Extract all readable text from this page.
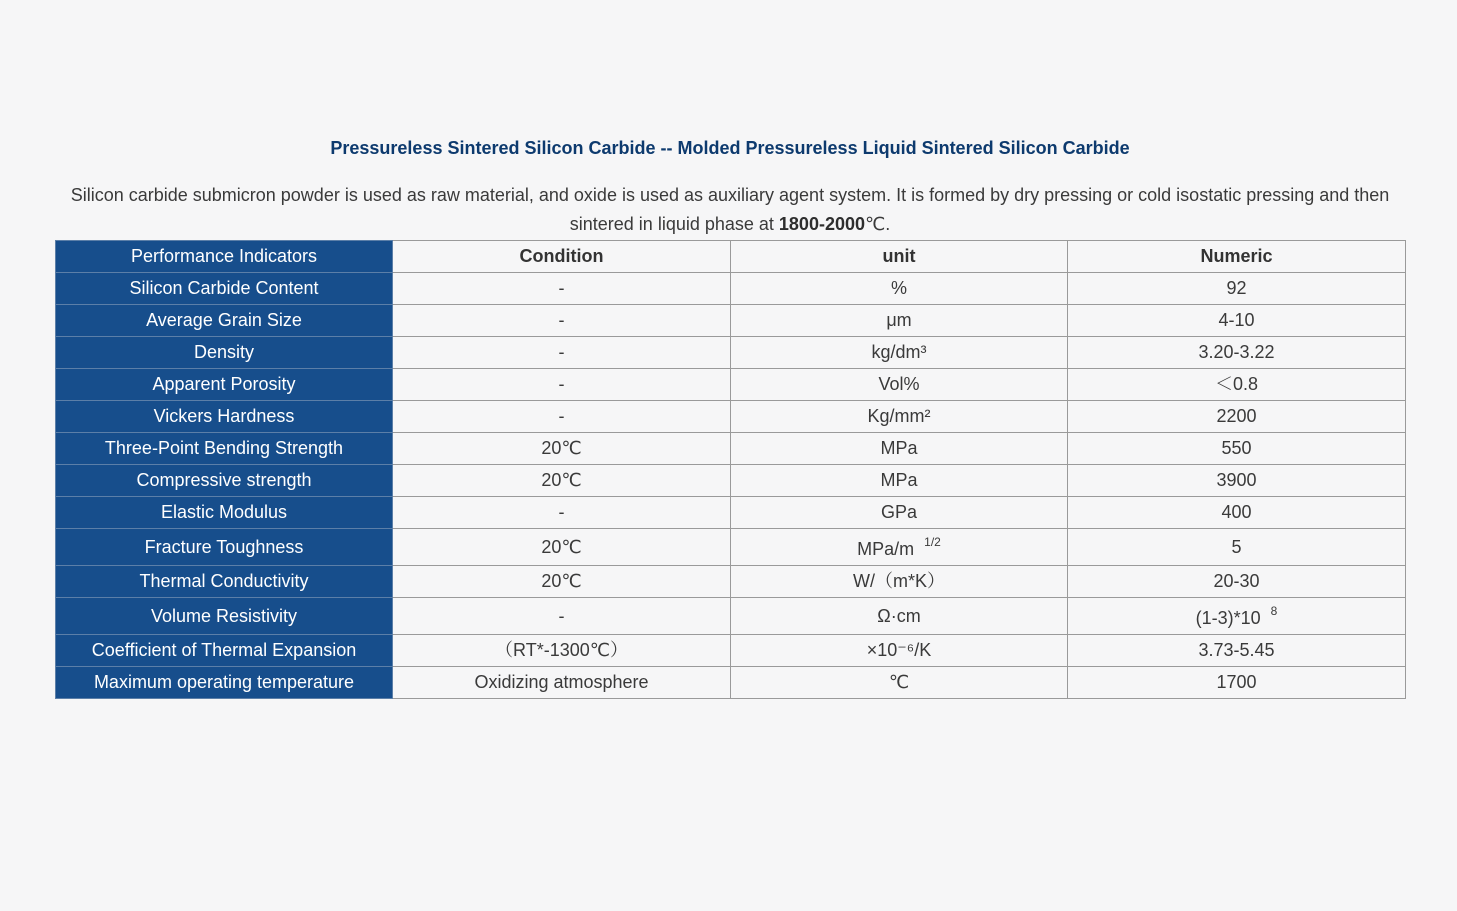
Pressureless Sintered Silicon Carbide -- Molded Pressureless Liquid Sintered Silicon Carbide

Silicon carbide submicron powder is used as raw material, and oxide is used as auxiliary agent system. It is formed by dry pressing or cold isostatic pressing and then sintered in liquid phase at 1800-2000℃.

Performance Indicators	Condition	unit	Numeric
Silicon Carbide Content	-	%	92
Average Grain Size	-	μm	4-10
Density	-	kg/dm³	3.20-3.22
Apparent Porosity	-	Vol%	＜0.8
Vickers Hardness	-	Kg/mm²	2200
Three-Point Bending Strength	20℃	MPa	550
Compressive strength	20℃	MPa	3900
Elastic Modulus	-	GPa	400
Fracture Toughness	20℃	MPa/m $^{1/2}$	5
Thermal Conductivity	20℃	W/（m*K）	20-30
Volume Resistivity	-	Ω·cm	(1-3)*10 $^8$
Coefficient of Thermal Expansion	（RT*-1300℃）	×10⁻⁶/K	3.73-5.45
Maximum operating temperature	Oxidizing atmosphere	℃	1700
